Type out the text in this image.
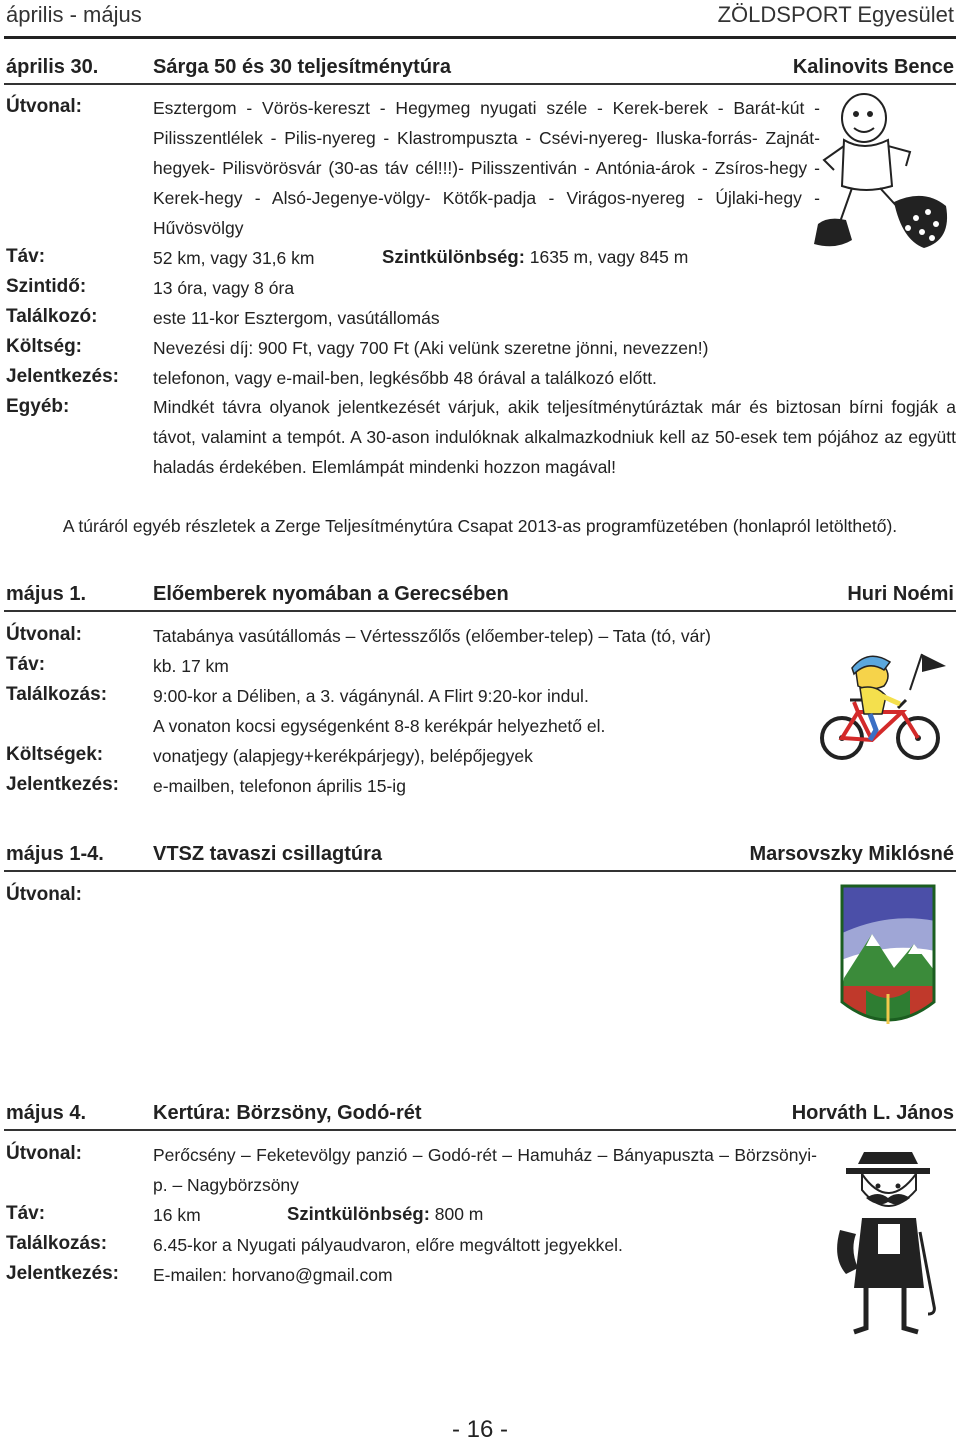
április - május	ZÖLDSPORT Egyesület
április 30.	Sárga 50 és 30 teljesítménytúra	Kalinovits Bence
Útvonal:	Esztergom - Vörös-kereszt - Hegymeg nyugati széle - Kerek-berek - Barát-kút - Pilisszentlélek - Pilis-nyereg - Klastrompuszta - Csévi-nyereg- Iluska-forrás- Zajnát-hegyek- Pilisvörösvár (30-as táv cél!!!)- Pilisszentiván - Antónia-árok - Zsíros-hegy - Kerek-hegy - Alsó-Jegenye-völgy- Kötők-padja - Virágos-nyereg - Újlaki-hegy - Hűvösvölgy
Táv:	52 km, vagy 31,6 km	Szintkülönbség: 1635 m, vagy 845 m
Szintidő:	13 óra, vagy 8 óra
Találkozó:	este 11-kor Esztergom, vasútállomás
Költség:	Nevezési díj: 900 Ft, vagy 700 Ft (Aki velünk szeretne jönni, nevezzen!)
Jelentkezés: telefonon, vagy e-mail-ben, legkésőbb 48 órával a találkozó előtt.
Egyéb:	Mindkét távra olyanok jelentkezését várjuk, akik teljesítménytúráztak már és biztosan bírni fogják a távot, valamint a tempót. A 30-ason indulóknak alkalmazkodniuk kell az 50-esek tem pójához az együtt haladás érdekében. Elemlámpát mindenki hozzon magával!
A túráról egyéb részletek a Zerge Teljesítménytúra Csapat 2013-as programfüzetében (honlapról letölthető).
május 1.	Előemberek nyomában a Gerecsében	Huri Noémi
Útvonal:	Tatabánya vasútállomás – Vértesszőlős (előember-telep) – Tata (tó, vár)
Táv:	kb. 17 km
Találkozás:	9:00-kor a Déliben, a 3. vágánynál. A Flirt 9:20-kor indul.
A vonaton kocsi egységenként 8-8 kerékpár helyezhető el.
Költségek:	vonatjegy (alapjegy+kerékpárjegy), belépőjegyek
Jelentkezés: e-mailben, telefonon április 15-ig
május 1-4. VTSZ tavaszi csillagtúra	Marsovszky Miklósné
Útvonal:
május 4.	Kertúra: Börzsöny, Godó-rét	Horváth L. János
Útvonal:	Perőcsény – Feketevölgy panzió – Godó-rét – Hamuház – Bányapuszta – Börzsönyi-p. – Nagybörzsöny
Táv:	16 km	Szintkülönbség: 800 m
Találkozás:	6.45-kor a Nyugati pályaudvaron, előre megváltott jegyekkel.
Jelentkezés: E-mailen: horvano@gmail.com
- 16 -
